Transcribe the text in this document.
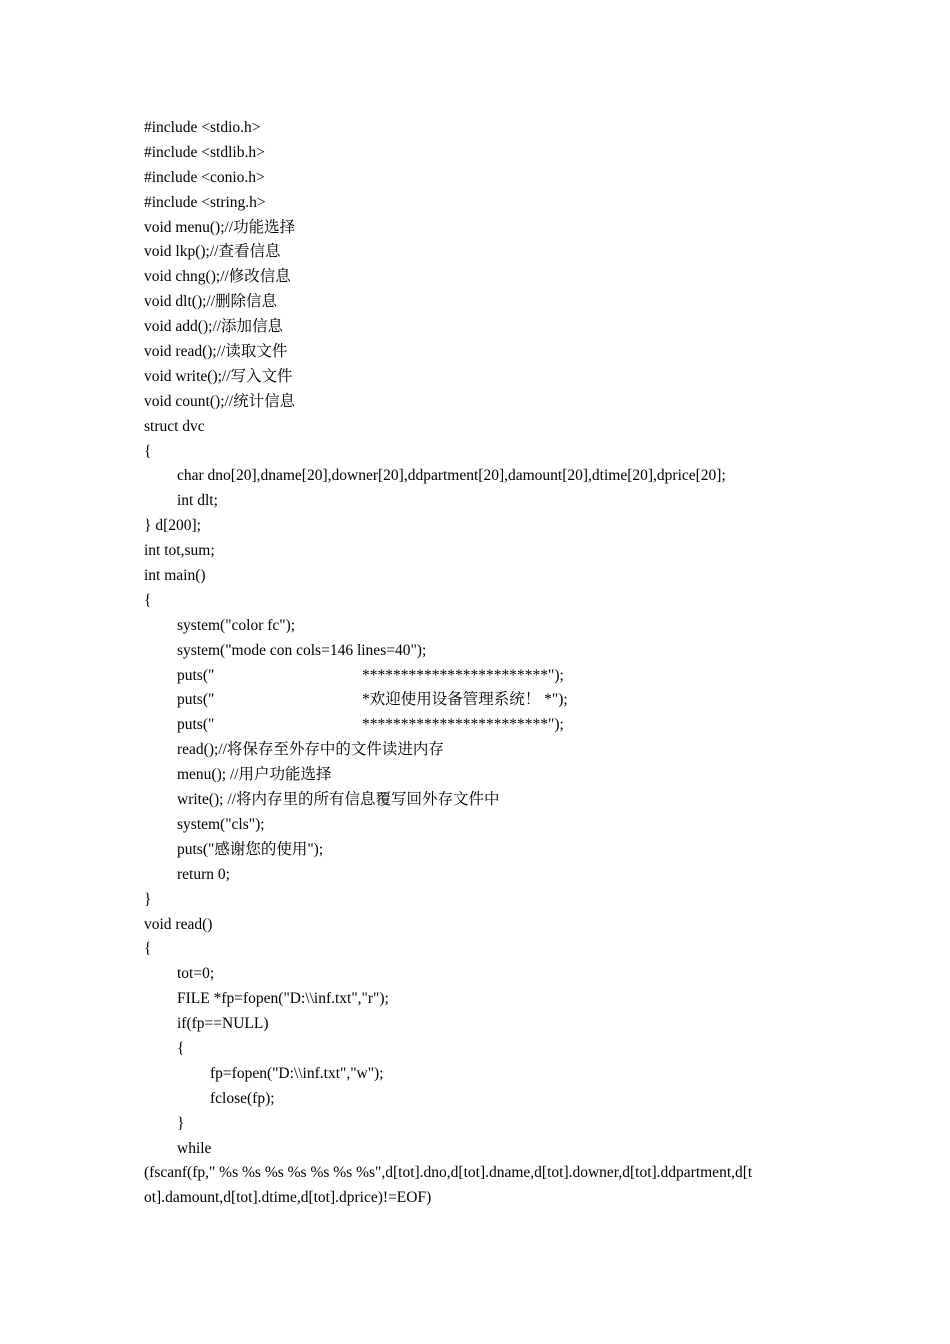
#include <stdio.h>
#include <stdlib.h>
#include <conio.h>
#include <string.h>
void menu();//功能选择
void lkp();//查看信息
void chng();//修改信息
void dlt();//删除信息
void add();//添加信息
void read();//读取文件
void write();//写入文件
void count();//统计信息
struct dvc
{
char dno[20],dname[20],downer[20],ddpartment[20],damount[20],dtime[20],dprice[20];
int dlt;
} d[200];
int tot,sum;
int main()
{
system("color fc");
system("mode con cols=146 lines=40");
puts("	************************");
puts("	*欢迎使用设备管理系统！ *");
puts("	************************");
read();//将保存至外存中的文件读进内存
menu(); //用户功能选择
write(); //将内存里的所有信息覆写回外存文件中
system("cls");
puts("感谢您的使用");
return 0;
}
void read()
{
tot=0;
FILE *fp=fopen("D:\\inf.txt","r");
if(fp==NULL)
{
fp=fopen("D:\\inf.txt","w");
fclose(fp);
}
while
(fscanf(fp," %s %s %s %s %s %s %s",d[tot].dno,d[tot].dname,d[tot].downer,d[tot].ddpartment,d[t
ot].damount,d[tot].dtime,d[tot].dprice)!=EOF)
